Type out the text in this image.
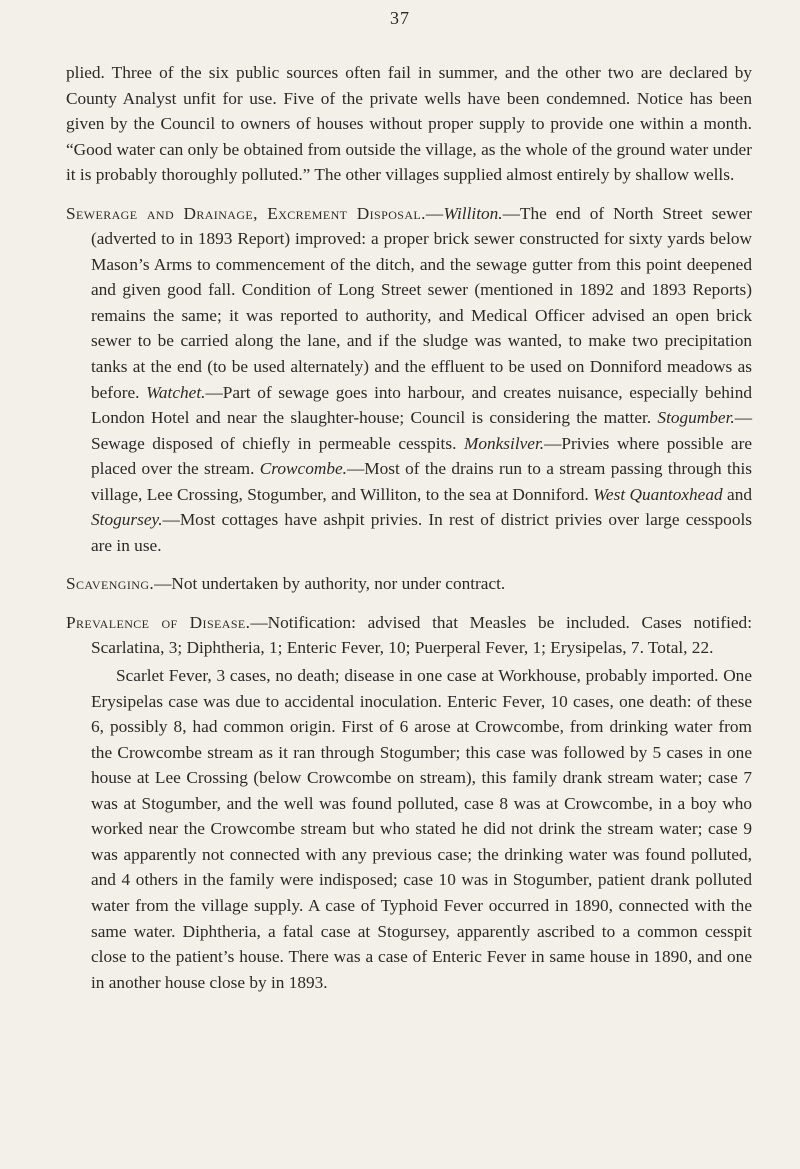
37

plied. Three of the six public sources often fail in summer, and the other two are declared by County Analyst unfit for use. Five of the private wells have been condemned. Notice has been given by the Council to owners of houses without proper supply to provide one within a month. “Good water can only be obtained from outside the village, as the whole of the ground water under it is probably thoroughly polluted.” The other villages supplied almost entirely by shallow wells.

Sewerage and Drainage, Excrement Disposal.—Williton.—The end of North Street sewer (adverted to in 1893 Report) improved: a proper brick sewer constructed for sixty yards below Mason’s Arms to commencement of the ditch, and the sewage gutter from this point deepened and given good fall. Condition of Long Street sewer (mentioned in 1892 and 1893 Reports) remains the same; it was reported to authority, and Medical Officer advised an open brick sewer to be carried along the lane, and if the sludge was wanted, to make two precipitation tanks at the end (to be used alternately) and the effluent to be used on Donniford meadows as before. Watchet.—Part of sewage goes into harbour, and creates nuisance, especially behind London Hotel and near the slaughter-house; Council is considering the matter. Stogumber.—Sewage disposed of chiefly in permeable cesspits. Monksilver.—Privies where possible are placed over the stream. Crowcombe.—Most of the drains run to a stream passing through this village, Lee Crossing, Stogumber, and Williton, to the sea at Donniford. West Quantoxhead and Stogursey.—Most cottages have ashpit privies. In rest of district privies over large cesspools are in use.

Scavenging.—Not undertaken by authority, nor under contract.

Prevalence of Disease.—Notification: advised that Measles be included. Cases notified: Scarlatina, 3; Diphtheria, 1; Enteric Fever, 10; Puerperal Fever, 1; Erysipelas, 7. Total, 22.

Scarlet Fever, 3 cases, no death; disease in one case at Workhouse, probably imported. One Erysipelas case was due to accidental inoculation. Enteric Fever, 10 cases, one death: of these 6, possibly 8, had common origin. First of 6 arose at Crowcombe, from drinking water from the Crowcombe stream as it ran through Stogumber; this case was followed by 5 cases in one house at Lee Crossing (below Crowcombe on stream), this family drank stream water; case 7 was at Stogumber, and the well was found polluted, case 8 was at Crowcombe, in a boy who worked near the Crowcombe stream but who stated he did not drink the stream water; case 9 was apparently not connected with any previous case; the drinking water was found polluted, and 4 others in the family were indisposed; case 10 was in Stogumber, patient drank polluted water from the village supply. A case of Typhoid Fever occurred in 1890, connected with the same water. Diphtheria, a fatal case at Stogursey, apparently ascribed to a common cesspit close to the patient’s house. There was a case of Enteric Fever in same house in 1890, and one in another house close by in 1893.
